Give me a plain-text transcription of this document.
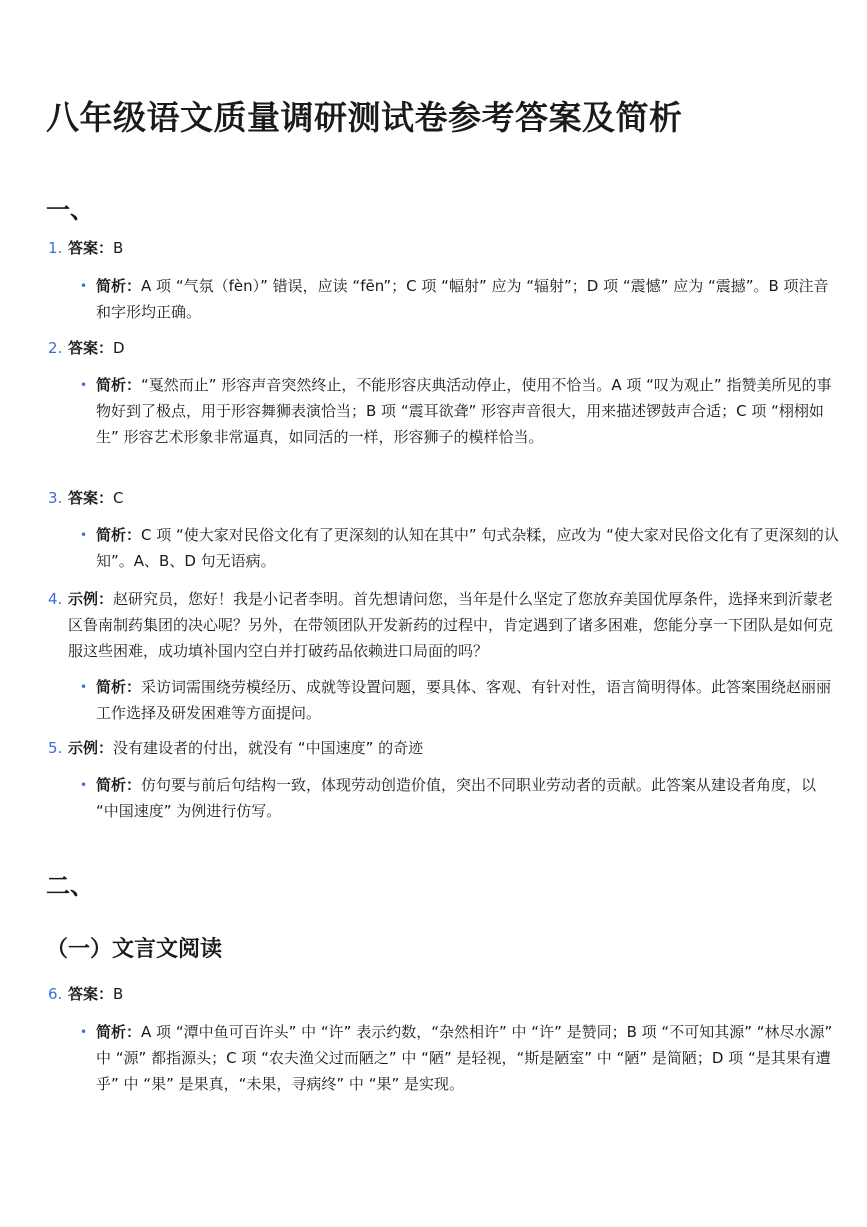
八年级语文质量调研测试卷参考答案及简析
一、
1. 答案：B
• 简析：A 项 “气氛（fèn）” 错误，应读 “fēn”；C 项 “幅射” 应为 “辐射”；D 项 “震憾” 应为 “震撼”。B 项注音和字形均正确。
2. 答案：D
• 简析：“戛然而止” 形容声音突然终止，不能形容庆典活动停止，使用不恰当。A 项 “叹为观止” 指赞美所见的事物好到了极点，用于形容舞狮表演恰当；B 项 “震耳欲聋” 形容声音很大，用来描述锣鼓声合适；C 项 “栩栩如生” 形容艺术形象非常逼真，如同活的一样，形容狮子的模样恰当。
3. 答案：C
• 简析：C 项 “使大家对民俗文化有了更深刻的认知在其中” 句式杂糅，应改为 “使大家对民俗文化有了更深刻的认知”。A、B、D 句无语病。
4. 示例：赵研究员，您好！我是小记者李明。首先想请问您，当年是什么坚定了您放弃美国优厚条件，选择来到沂蒙老区鲁南制药集团的决心呢？另外，在带领团队开发新药的过程中，肯定遇到了诸多困难，您能分享一下团队是如何克服这些困难，成功填补国内空白并打破药品依赖进口局面的吗？
• 简析：采访词需围绕劳模经历、成就等设置问题，要具体、客观、有针对性，语言简明得体。此答案围绕赵丽丽工作选择及研发困难等方面提问。
5. 示例：没有建设者的付出，就没有 “中国速度” 的奇迹
• 简析：仿句要与前后句结构一致，体现劳动创造价值，突出不同职业劳动者的贡献。此答案从建设者角度，以 “中国速度” 为例进行仿写。
二、
（一）文言文阅读
6. 答案：B
• 简析：A 项 “潭中鱼可百许头” 中 “许” 表示约数，“杂然相许” 中 “许” 是赞同；B 项 “不可知其源” “林尽水源” 中 “源” 都指源头；C 项 “农夫渔父过而陋之” 中 “陋” 是轻视，“斯是陋室” 中 “陋” 是简陋；D 项 “是其果有遭乎” 中 “果” 是果真，“未果，寻病终” 中 “果” 是实现。
